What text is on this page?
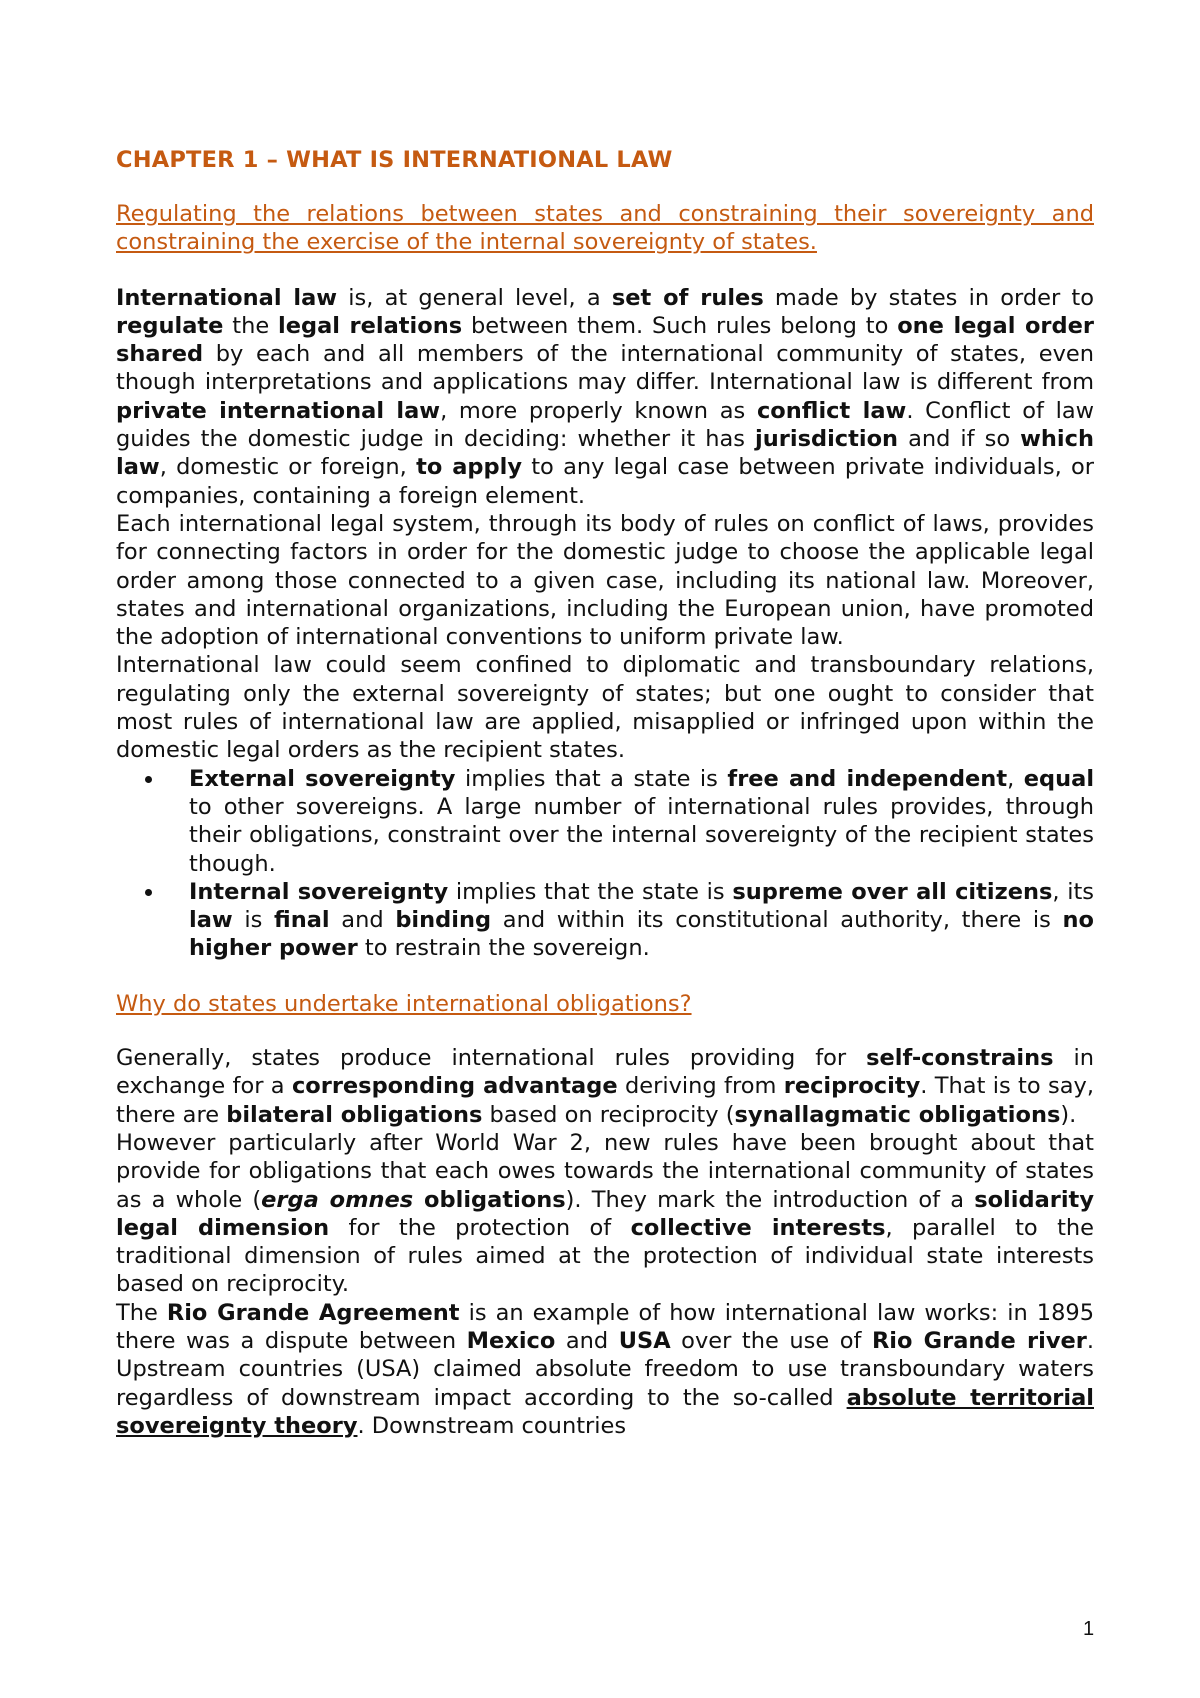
CHAPTER 1 – WHAT IS INTERNATIONAL LAW
Regulating the relations between states and constraining their sovereignty and constraining the exercise of the internal sovereignty of states.

International law is, at general level, a set of rules made by states in order to regulate the legal relations between them. Such rules belong to one legal order shared by each and all members of the international community of states, even though interpretations and applications may differ. International law is different from private international law, more properly known as conflict law. Conflict of law guides the domestic judge in deciding: whether it has jurisdiction and if so which law, domestic or foreign, to apply to any legal case between private individuals, or companies, containing a foreign element.

Each international legal system, through its body of rules on conflict of laws, provides for connecting factors in order for the domestic judge to choose the applicable legal order among those connected to a given case, including its national law. Moreover, states and international organizations, including the European union, have promoted the adoption of international conventions to uniform private law.

International law could seem confined to diplomatic and transboundary relations, regulating only the external sovereignty of states; but one ought to consider that most rules of international law are applied, misapplied or infringed upon within the domestic legal orders as the recipient states.

External sovereignty implies that a state is free and independent, equal to other sovereigns. A large number of international rules provides, through their obligations, constraint over the internal sovereignty of the recipient states though.
Internal sovereignty implies that the state is supreme over all citizens, its law is final and binding and within its constitutional authority, there is no higher power to restrain the sovereign.
Why do states undertake international obligations?

Generally, states produce international rules providing for self-constrains in exchange for a corresponding advantage deriving from reciprocity. That is to say, there are bilateral obligations based on reciprocity (synallagmatic obligations).

However particularly after World War 2, new rules have been brought about that provide for obligations that each owes towards the international community of states as a whole (erga omnes obligations). They mark the introduction of a solidarity legal dimension for the protection of collective interests, parallel to the traditional dimension of rules aimed at the protection of individual state interests based on reciprocity.

The Rio Grande Agreement is an example of how international law works: in 1895 there was a dispute between Mexico and USA over the use of Rio Grande river. Upstream countries (USA) claimed absolute freedom to use transboundary waters regardless of downstream impact according to the so-called absolute territorial sovereignty theory. Downstream countries

1
